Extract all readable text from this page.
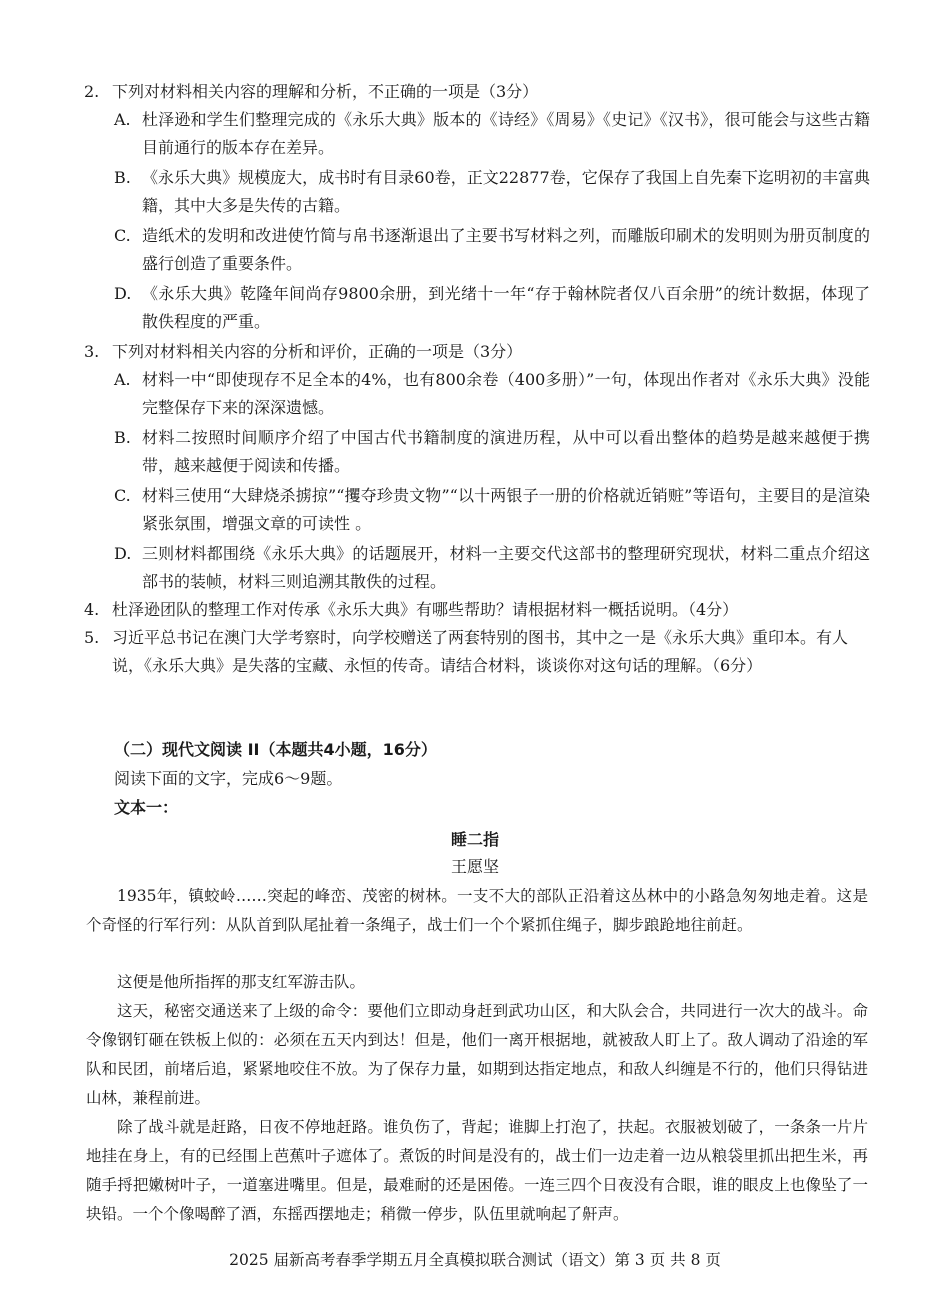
2. 下列对材料相关内容的理解和分析，不正确的一项是（3分）
A. 杜泽逊和学生们整理完成的《永乐大典》版本的《诗经》《周易》《史记》《汉书》，很可能会与这些古籍目前通行的版本存在差异。
B. 《永乐大典》规模庞大，成书时有目录60卷，正文22877卷，它保存了我国上自先秦下迄明初的丰富典籍，其中大多是失传的古籍。
C. 造纸术的发明和改进使竹简与帛书逐渐退出了主要书写材料之列，而雕版印刷术的发明则为册页制度的盛行创造了重要条件。
D. 《永乐大典》乾隆年间尚存9800余册，到光绪十一年“存于翰林院者仅八百余册”的统计数据，体现了散佚程度的严重。
3. 下列对材料相关内容的分析和评价，正确的一项是（3分）
A. 材料一中“即使现存不足全本的4%，也有800余卷（400多册）”一句，体现出作者对《永乐大典》没能完整保存下来的深深遗憾。
B. 材料二按照时间顺序介绍了中国古代书籍制度的演进历程，从中可以看出整体的趋势是越来越便于携带，越来越便于阅读和传播。
C. 材料三使用“大肆烧杀掳掠”“攫夺珍贵文物”“以十两银子一册的价格就近销赃”等语句，主要目的是渲染紧张氛围，增强文章的可读性 。
D. 三则材料都围绕《永乐大典》的话题展开，材料一主要交代这部书的整理研究现状，材料二重点介绍这部书的装帧，材料三则追溯其散佚的过程。
4. 杜泽逊团队的整理工作对传承《永乐大典》有哪些帮助？请根据材料一概括说明。（4分）
5. 习近平总书记在澳门大学考察时，向学校赠送了两套特别的图书，其中之一是《永乐大典》重印本。有人说，《永乐大典》是失落的宝藏、永恒的传奇。请结合材料，谈谈你对这句话的理解。（6分）
（二）现代文阅读 II（本题共4小题，16分）
阅读下面的文字，完成6～9题。
文本一：
睡二指
王愿坚
1935年，镇蛟岭……突起的峰峦、茂密的树林。一支不大的部队正沿着这丛林中的小路急匆匆地走着。这是个奇怪的行军行列：从队首到队尾扯着一条绳子，战士们一个个紧抓住绳子，脚步踉跄地往前赶。
这便是他所指挥的那支红军游击队。
这天，秘密交通送来了上级的命令：要他们立即动身赶到武功山区，和大队会合，共同进行一次大的战斗。命令像钢钉砸在铁板上似的：必须在五天内到达！但是，他们一离开根据地，就被敌人盯上了。敌人调动了沿途的军队和民团，前堵后追，紧紧地咬住不放。为了保存力量，如期到达指定地点，和敌人纠缠是不行的，他们只得钻进山林，兼程前进。
除了战斗就是赶路，日夜不停地赶路。谁负伤了，背起；谁脚上打泡了，扶起。衣服被划破了，一条条一片片地挂在身上，有的已经围上芭蕉叶子遮体了。煮饭的时间是没有的，战士们一边走着一边从粮袋里抓出把生米，再随手捋把嫩树叶子，一道塞进嘴里。但是，最难耐的还是困倦。一连三四个日夜没有合眼，谁的眼皮上也像坠了一块铅。一个个像喝醉了酒，东摇西摆地走；稍微一停步，队伍里就响起了鼾声。
2025 届新高考春季学期五月全真模拟联合测试（语文）第 3 页 共 8 页
